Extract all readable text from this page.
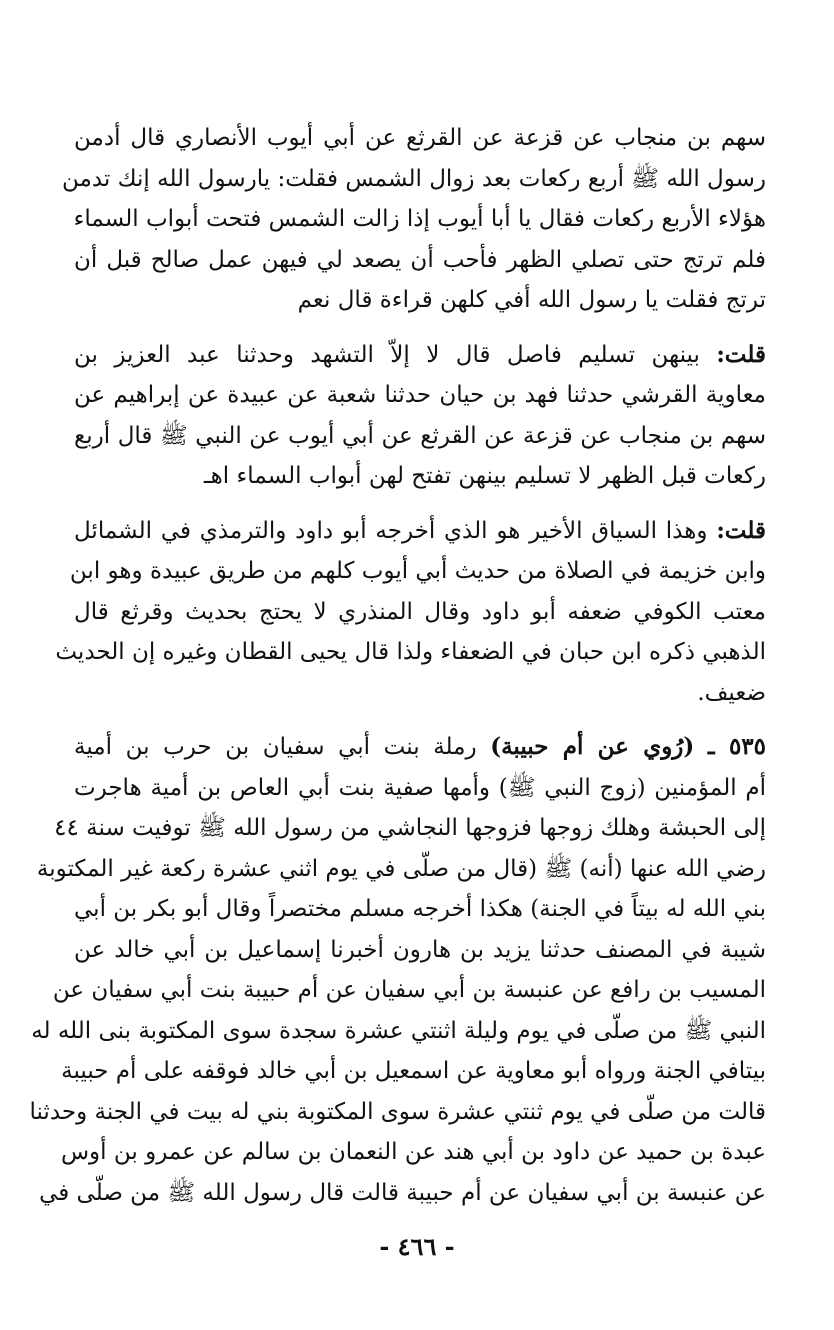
سهم بن منجاب عن قزعة عن القرثع عن أبي أيوب الأنصاري قال أدمن
رسول الله ﷺ أربع ركعات بعد زوال الشمس فقلت: يارسول الله إنك تدمن
هؤلاء الأربع ركعات فقال يا أبا أيوب إذا زالت الشمس فتحت أبواب السماء
فلم ترتج حتى تصلي الظهر فأحب أن يصعد لي فيهن عمل صالح قبل أن
ترتج فقلت يا رسول الله أفي كلهن قراءة قال نعم

قلت: بينهن تسليم فاصل قال لا إلاّ التشهد وحدثنا عبد العزيز بن
معاوية القرشي حدثنا فهد بن حيان حدثنا شعبة عن عبيدة عن إبراهيم عن
سهم بن منجاب عن قزعة عن القرثع عن أبي أيوب عن النبي ﷺ قال أربع
ركعات قبل الظهر لا تسليم بينهن تفتح لهن أبواب السماء اهـ

قلت: وهذا السياق الأخير هو الذي أخرجه أبو داود والترمذي في الشمائل
وابن خزيمة في الصلاة من حديث أبي أيوب كلهم من طريق عبيدة وهو ابن
معتب الكوفي ضعفه أبو داود وقال المنذري لا يحتج بحديث وقرثع قال
الذهبي ذكره ابن حبان في الضعفاء ولذا قال يحيى القطان وغيره إن الحديث
ضعيف.

٥٣٥ ـ (رُوي عن أم حبيبة) رملة بنت أبي سفيان بن حرب بن أمية
أم المؤمنين (زوج النبي ﷺ) وأمها صفية بنت أبي العاص بن أمية هاجرت
إلى الحبشة وهلك زوجها فزوجها النجاشي من رسول الله ﷺ توفيت سنة ٤٤
رضي الله عنها (أنه) ﷺ (قال من صلّى في يوم اثني عشرة ركعة غير المكتوبة
بني الله له بيتاً في الجنة) هكذا أخرجه مسلم مختصراً وقال أبو بكر بن أبي
شيبة في المصنف حدثنا يزيد بن هارون أخبرنا إسماعيل بن أبي خالد عن
المسيب بن رافع عن عنبسة بن أبي سفيان عن أم حبيبة بنت أبي سفيان عن
النبي ﷺ من صلّى في يوم وليلة اثنتي عشرة سجدة سوى المكتوبة بنى الله له
بيتافي الجنة ورواه أبو معاوية عن اسمعيل بن أبي خالد فوقفه على أم حبيبة
قالت من صلّى في يوم ثنتي عشرة سوى المكتوبة بني له بيت في الجنة وحدثنا
عبدة بن حميد عن داود بن أبي هند عن النعمان بن سالم عن عمرو بن أوس
عن عنبسة بن أبي سفيان عن أم حبيبة قالت قال رسول الله ﷺ من صلّى في

- ٤٦٦ -
